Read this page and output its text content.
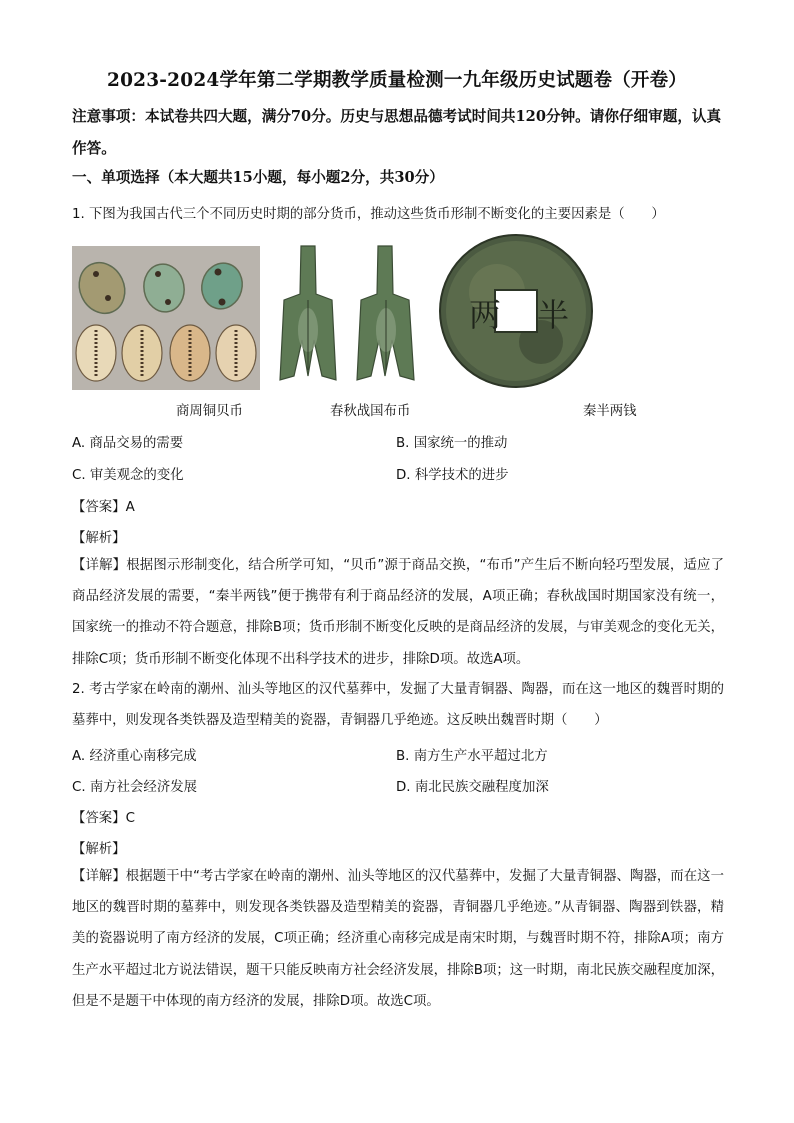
2023-2024学年第二学期教学质量检测一九年级历史试题卷（开卷）
注意事项：本试卷共四大题，满分70分。历史与思想品德考试时间共120分钟。请你仔细审题，认真作答。
一、单项选择（本大题共15小题，每小题2分，共30分）
1. 下图为我国古代三个不同历史时期的部分货币，推动这些货币形制不断变化的主要因素是（　　）
两 半
商周铜贝币	春秋战国布币	秦半两钱
A. 商品交易的需要	B. 国家统一的推动
C. 审美观念的变化	D. 科学技术的进步
【答案】A
【解析】
【详解】根据图示形制变化，结合所学可知，“贝币”源于商品交换，“布币”产生后不断向轻巧型发展，适应了商品经济发展的需要，“秦半两钱”便于携带有利于商品经济的发展，A项正确；春秋战国时期国家没有统一，国家统一的推动不符合题意，排除B项；货币形制不断变化反映的是商品经济的发展，与审美观念的变化无关，排除C项；货币形制不断变化体现不出科学技术的进步，排除D项。故选A项。
2. 考古学家在岭南的潮州、汕头等地区的汉代墓葬中，发掘了大量青铜器、陶器，而在这一地区的魏晋时期的墓葬中，则发现各类铁器及造型精美的瓷器，青铜器几乎绝迹。这反映出魏晋时期（　　）
A. 经济重心南移完成	B. 南方生产水平超过北方
C. 南方社会经济发展	D. 南北民族交融程度加深
【答案】C
【解析】
【详解】根据题干中“考古学家在岭南的潮州、汕头等地区的汉代墓葬中，发掘了大量青铜器、陶器，而在这一地区的魏晋时期的墓葬中，则发现各类铁器及造型精美的瓷器，青铜器几乎绝迹。”从青铜器、陶器到铁器，精美的瓷器说明了南方经济的发展，C项正确；经济重心南移完成是南宋时期，与魏晋时期不符，排除A项；南方生产水平超过北方说法错误，题干只能反映南方社会经济发展，排除B项；这一时期，南北民族交融程度加深，但是不是题干中体现的南方经济的发展，排除D项。故选C项。
